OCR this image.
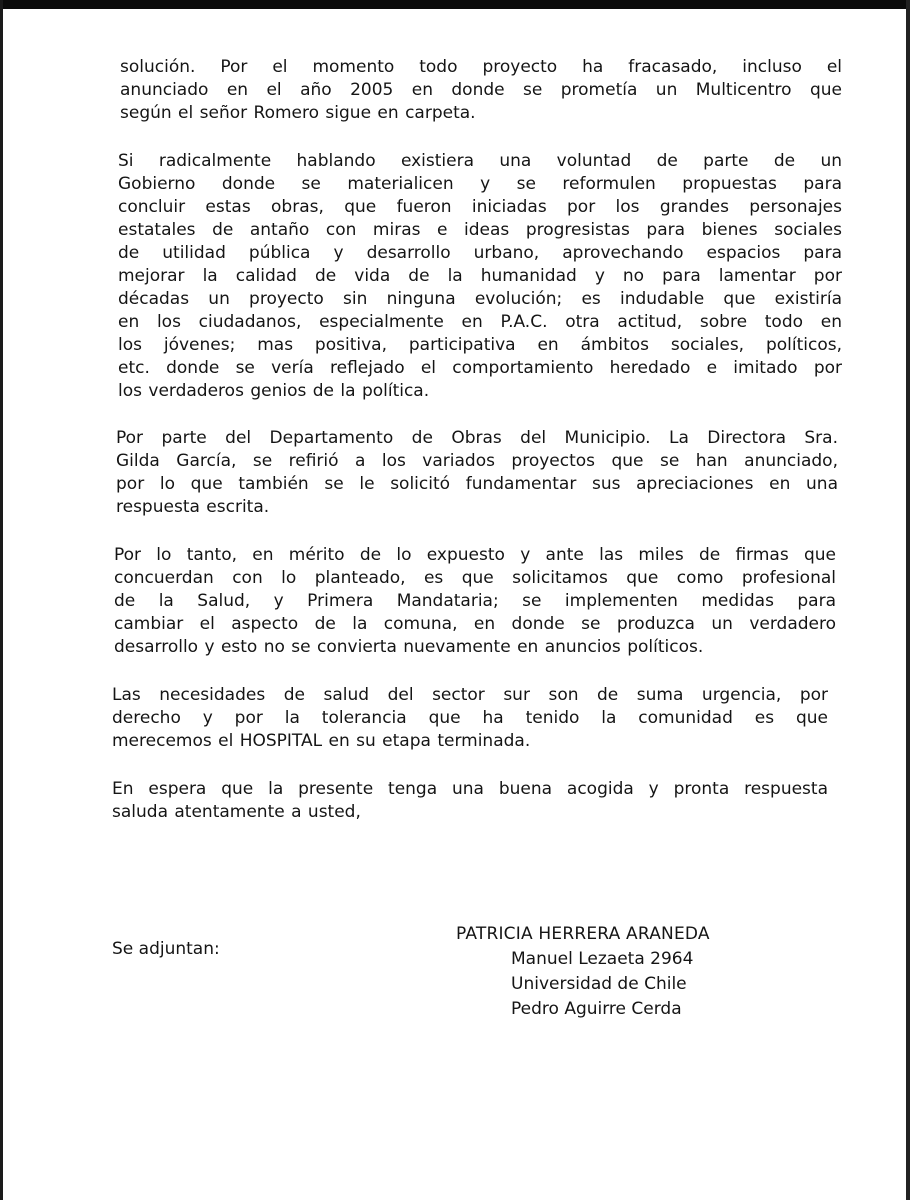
solución. Por el momento todo proyecto ha fracasado, incluso el
anunciado en el año 2005 en donde se prometía un Multicentro que
según el señor Romero sigue en carpeta.

Si radicalmente hablando existiera una voluntad de parte de un
Gobierno donde se materialicen y se reformulen propuestas para
concluir estas obras, que fueron iniciadas por los grandes personajes
estatales de antaño con miras e ideas progresistas para bienes sociales
de utilidad pública y desarrollo urbano, aprovechando espacios para
mejorar la calidad de vida de la humanidad y no para lamentar por
décadas un proyecto sin ninguna evolución; es indudable que existiría
en los ciudadanos, especialmente en P.A.C. otra actitud, sobre todo en
los jóvenes; mas positiva, participativa en ámbitos sociales, políticos,
etc. donde se vería reflejado el comportamiento heredado e imitado por
los verdaderos genios de la política.

Por parte del Departamento de Obras del Municipio. La Directora Sra.
Gilda García, se refirió a los variados proyectos que se han anunciado,
por lo que también se le solicitó fundamentar sus apreciaciones en una
respuesta escrita.

Por lo tanto, en mérito de lo expuesto y ante las miles de firmas que
concuerdan con lo planteado, es que solicitamos que como profesional
de la Salud, y Primera Mandataria; se implementen medidas para
cambiar el aspecto de la comuna, en donde se produzca un verdadero
desarrollo y esto no se convierta nuevamente en anuncios políticos.

Las necesidades de salud del sector sur son de suma urgencia, por
derecho y por la tolerancia que ha tenido la comunidad es que
merecemos el HOSPITAL en su etapa terminada.

En espera que la presente tenga una buena acogida y pronta respuesta
saluda atentamente a usted,

Se adjuntan:
PATRICIA HERRERA ARANEDA
Manuel Lezaeta 2964
Universidad de Chile
Pedro Aguirre Cerda
